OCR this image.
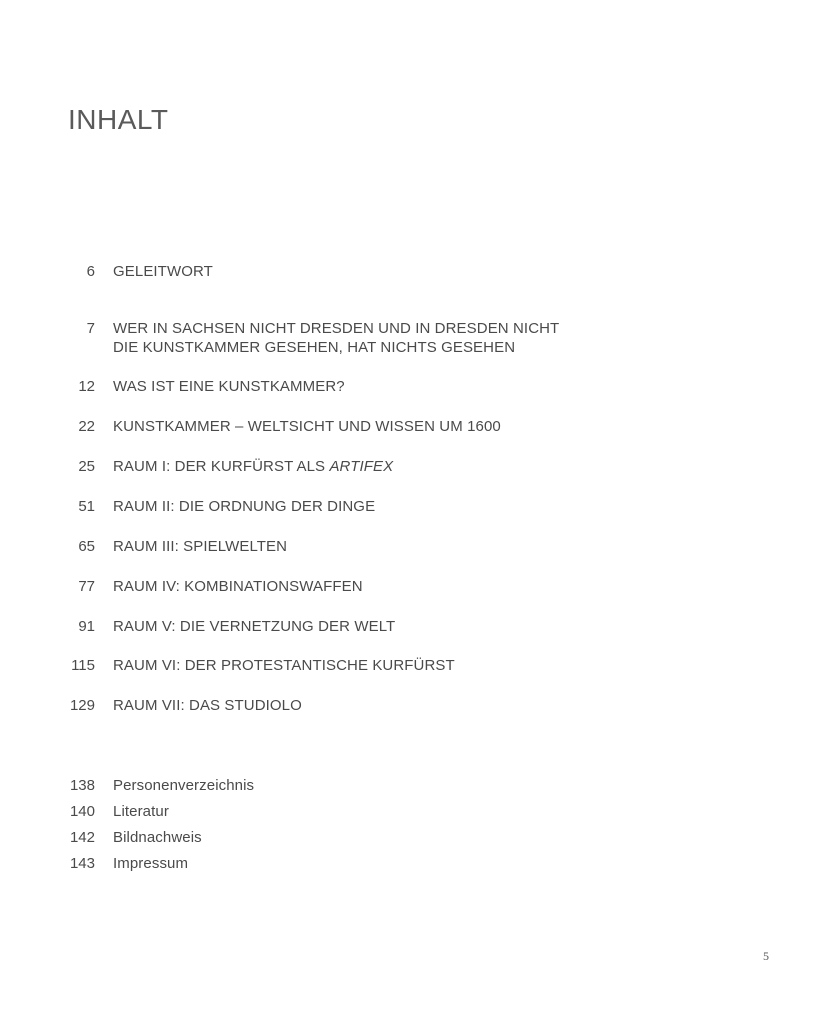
INHALT
6 GELEITWORT
7 WER IN SACHSEN NICHT DRESDEN UND IN DRESDEN NICHT
DIE KUNSTKAMMER GESEHEN, HAT NICHTS GESEHEN
12 WAS IST EINE KUNSTKAMMER?
22 KUNSTKAMMER – WELTSICHT UND WISSEN UM 1600
25 RAUM I: DER KURFÜRST ALS ARTIFEX
51 RAUM II: DIE ORDNUNG DER DINGE
65 RAUM III: SPIELWELTEN
77 RAUM IV: KOMBINATIONSWAFFEN
91 RAUM V: DIE VERNETZUNG DER WELT
115 RAUM VI: DER PROTESTANTISCHE KURFÜRST
129 RAUM VII: DAS STUDIOLO
138 Personenverzeichnis
140 Literatur
142 Bildnachweis
143 Impressum
5
